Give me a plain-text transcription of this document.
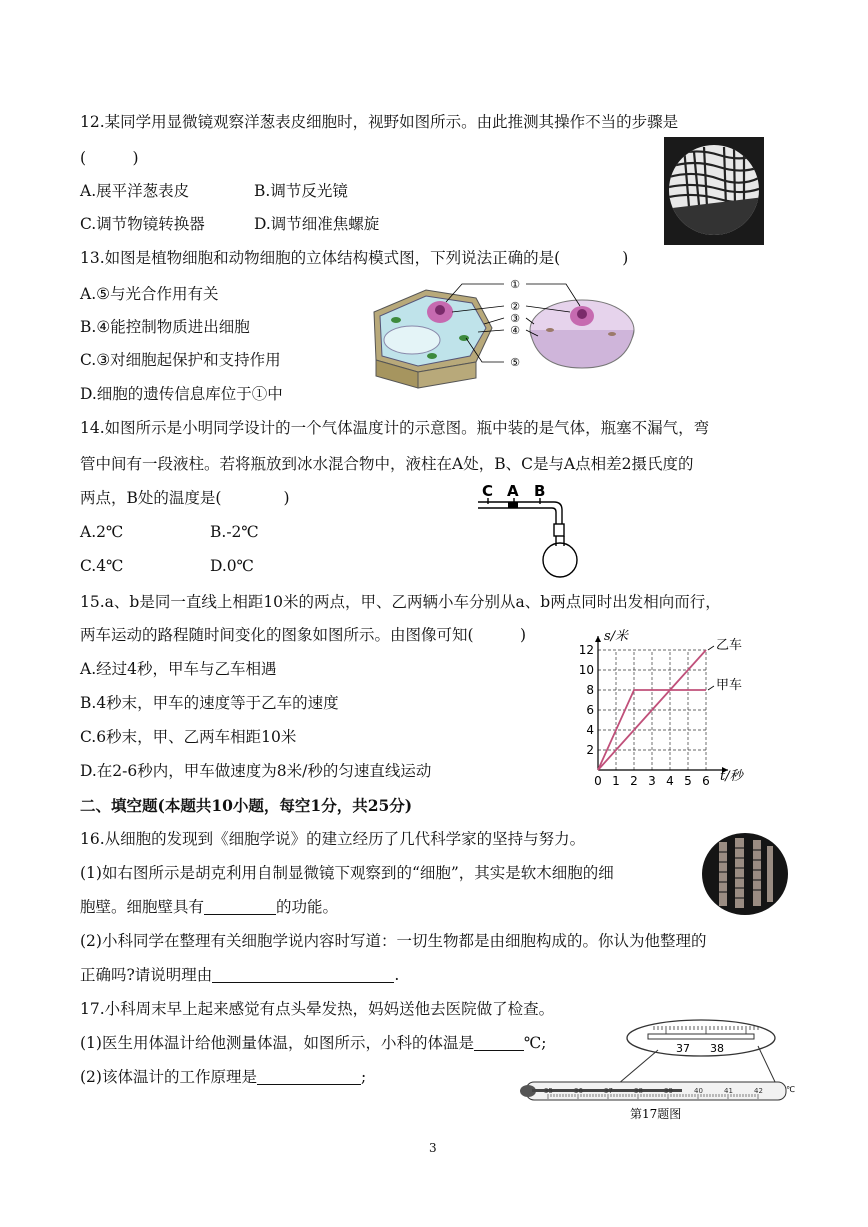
12.某同学用显微镜观察洋葱表皮细胞时，视野如图所示。由此推测其操作不当的步骤是
(　　　)
A.展平洋葱表皮	B.调节反光镜
C.调节物镜转换器	D.调节细准焦螺旋
13.如图是植物细胞和动物细胞的立体结构模式图，下列说法正确的是(　　　　)
A.⑤与光合作用有关
B.④能控制物质进出细胞
C.③对细胞起保护和支持作用
D.细胞的遗传信息库位于①中
①
②
③
④
⑤
14.如图所示是小明同学设计的一个气体温度计的示意图。瓶中装的是气体，瓶塞不漏气，弯
管中间有一段液柱。若将瓶放到冰水混合物中，液柱在A处，B、C是与A点相差2摄氏度的
两点，B处的温度是(　　　　)
A.2℃	B.-2℃
C.4℃	D.0℃
C A B
15.a、b是同一直线上相距10米的两点，甲、乙两辆小车分别从a、b两点同时出发相向而行，
两车运动的路程随时间变化的图象如图所示。由图像可知(　　　)
A.经过4秒，甲车与乙车相遇
B.4秒末，甲车的速度等于乙车的速度
C.6秒末，甲、乙两车相距10米
D.在2-6秒内，甲车做速度为8米/秒的匀速直线运动
0 1 2 3 4 5 6
2
4
6
8
10
12
s/米
t/秒
乙车
甲车
二、填空题(本题共10小题，每空1分，共25分)
16.从细胞的发现到《细胞学说》的建立经历了几代科学家的坚持与努力。
(1)如右图所示是胡克利用自制显微镜下观察到的“细胞”，其实是软木细胞的细
胞壁。细胞壁具有	的功能。
(2)小科同学在整理有关细胞学说内容时写道：一切生物都是由细胞构成的。你认为他整理的
正确吗?请说明理由	.
17.小科周末早上起来感觉有点头晕发热，妈妈送他去医院做了检查。
(1)医生用体温计给他测量体温，如图所示，小科的体温是	℃;
(2)该体温计的工作原理是	;
37 38
35	36	37	38	39	40	41	42	℃
第17题图
3
